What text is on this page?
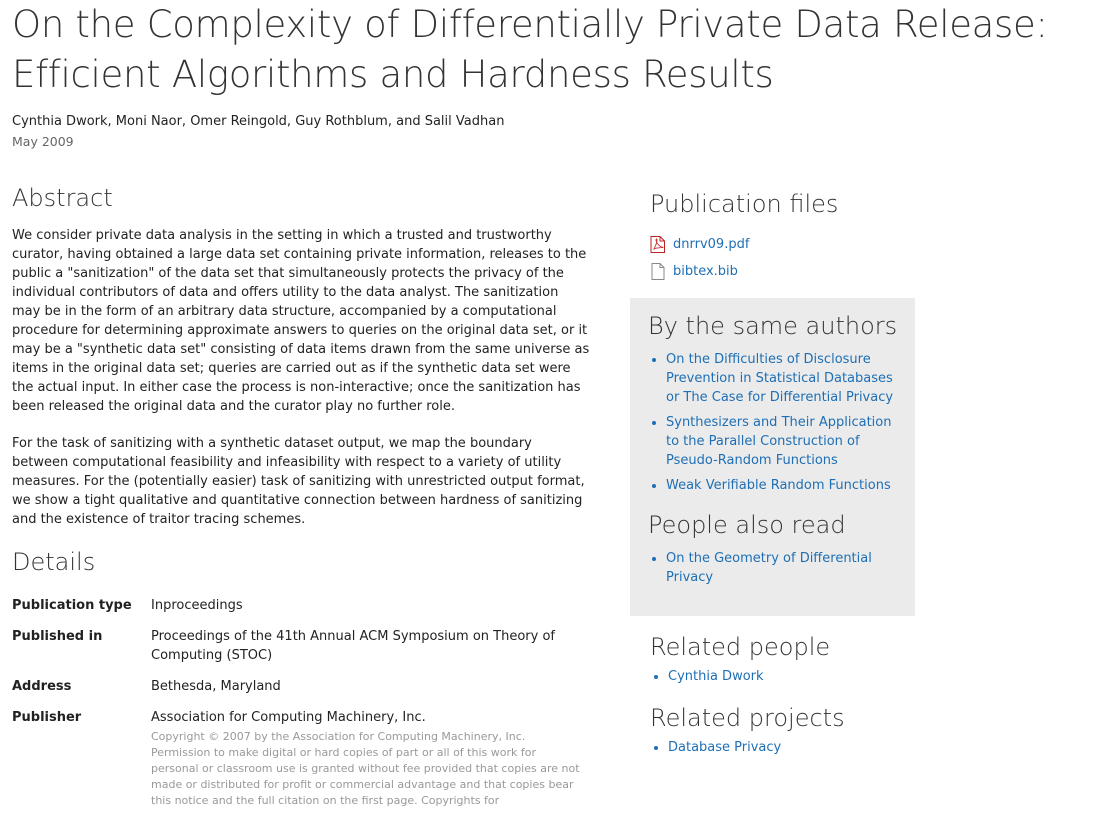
On the Complexity of Differentially Private Data Release:
Efficient Algorithms and Hardness Results
Cynthia Dwork, Moni Naor, Omer Reingold, Guy Rothblum, and Salil Vadhan
May 2009
Abstract

We consider private data analysis in the setting in which a trusted and trustworthy curator, having obtained a large data set containing private information, releases to the public a "sanitization" of the data set that simultaneously protects the privacy of the individual contributors of data and offers utility to the data analyst. The sanitization may be in the form of an arbitrary data structure, accompanied by a computational procedure for determining approximate answers to queries on the original data set, or it may be a "synthetic data set" consisting of data items drawn from the same universe as items in the original data set; queries are carried out as if the synthetic data set were the actual input. In either case the process is non-interactive; once the sanitization has been released the original data and the curator play no further role.

For the task of sanitizing with a synthetic dataset output, we map the boundary between computational feasibility and infeasibility with respect to a variety of utility measures. For the (potentially easier) task of sanitizing with unrestricted output format, we show a tight qualitative and quantitative connection between hardness of sanitizing and the existence of traitor tracing schemes.

Details
Publication type	Inproceedings
Published in	Proceedings of the 41th Annual ACM Symposium on Theory of Computing (STOC)
Address	Bethesda, Maryland
Publisher	Association for Computing Machinery, Inc.
Copyright © 2007 by the Association for Computing Machinery, Inc. Permission to make digital or hard copies of part or all of this work for personal or classroom use is granted without fee provided that copies are not made or distributed for profit or commercial advantage and that copies bear this notice and the full citation on the first page. Copyrights for
Publication files
dnrrv09.pdf
bibtex.bib
By the same authors
• On the Difficulties of Disclosure Prevention in Statistical Databases or The Case for Differential Privacy
• Synthesizers and Their Application to the Parallel Construction of Pseudo-Random Functions
• Weak Verifiable Random Functions
People also read
• On the Geometry of Differential Privacy
Related people
• Cynthia Dwork
Related projects
• Database Privacy
